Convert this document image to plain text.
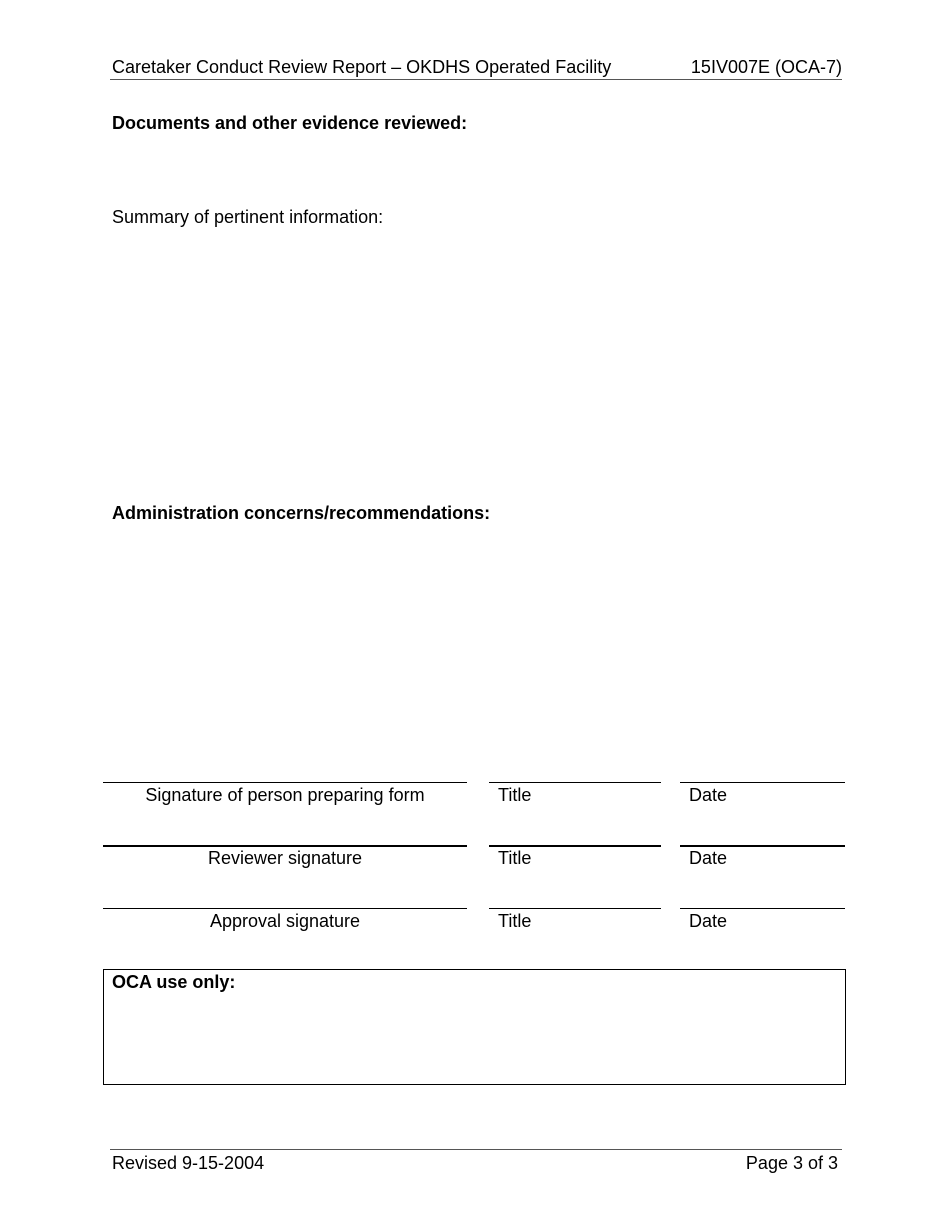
Caretaker Conduct Review Report – OKDHS Operated Facility	15IV007E (OCA-7)
Documents and other evidence reviewed:
Summary of pertinent information:
Administration concerns/recommendations:
Signature of person preparing form	Title	Date
Reviewer signature	Title	Date
Approval signature	Title	Date
OCA use only:
Revised 9-15-2004	Page 3 of 3
